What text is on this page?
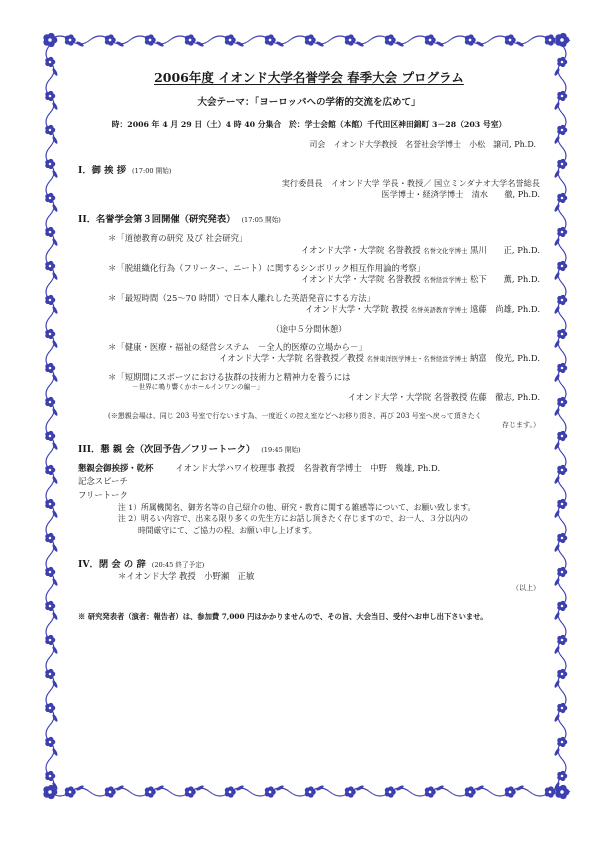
2006年度 イオンド大学名誉学会 春季大会 プログラム
大会テーマ：「ヨーロッパへの学術的交流を広めて」
時：2006 年 4 月 29 日（土）4 時 40 分集合　於：学士会館（本館）千代田区神田錦町 3－28（203 号室）
司会　イオンド大学教授　名誉社会学博士　小松　譲司, Ph.D.
I．御 挨 拶 (17:00 開始)
実行委員長　イオンド大学 学長・教授／ 国立ミンダナオ大学名誉総長
医学博士・経済学博士　清水　　徹, Ph.D.
II．名誉学会第３回開催（研究発表） (17:05 開始)
＊「道徳教育の研究 及び 社会研究」
イオンド大学・大学院 名誉教授 名誉文化学博士 黒川　　正, Ph.D.
＊「脱組織化行為（フリーター、ニート）に関するシンボリック相互作用論的考察」
イオンド大学・大学院 名誉教授 名誉経営学博士 松下　　薫, Ph.D.
＊「最短時間（25～70 時間）で日本人離れした英語発音にする方法」
イオンド大学・大学院 教授 名誉英語教育学博士 遠藤　尚雄, Ph.D.
（途中５分間休憩）
＊「健康・医療・福祉の経営システム　－全人的医療の立場から－」
イオンド大学・大学院 名誉教授／教授 名誉東洋医学博士・名誉経営学博士 納富　俊光, Ph.D.
＊「短期間にスポーツにおける抜群の技術力と精神力を養うには
－世界に鳴り響くかホールインワンの編－」
イオンド大学・大学院 名誉教授 佐藤　徹志, Ph.D.
(※懇親会場は、同じ 203 号室で行ないます為、一度近くの控え室などへお移り頂き、再び 203 号室へ戻って頂きたく
存じます。）
III．懇 親 会（次回予告／フリートーク） (19:45 開始)
懇親会御挨拶・乾杯	イオンド大学ハワイ校理事 教授　名誉教育学博士　中野　幾雄, Ph.D.
記念スピーチ
フリートーク
注 1）所属機関名、御芳名等の自己紹介の他、研究・教育に関する雑感等について、お願い致します。
注 2）明るい内容で、出来る限り多くの先生方にお話し頂きたく存じますので、お一人、３分以内の
時間厳守にて、ご協力の程、お願い申し上げます。
IV．閉 会 の 辞 (20:45 終了予定)
＊イオンド大学 教授　小野瀬　正敏
（以上）
※ 研究発表者（演者：報告者）は、参加費 7,000 円はかかりませんので、その旨、大会当日、受付へお申し出下さいませ。
